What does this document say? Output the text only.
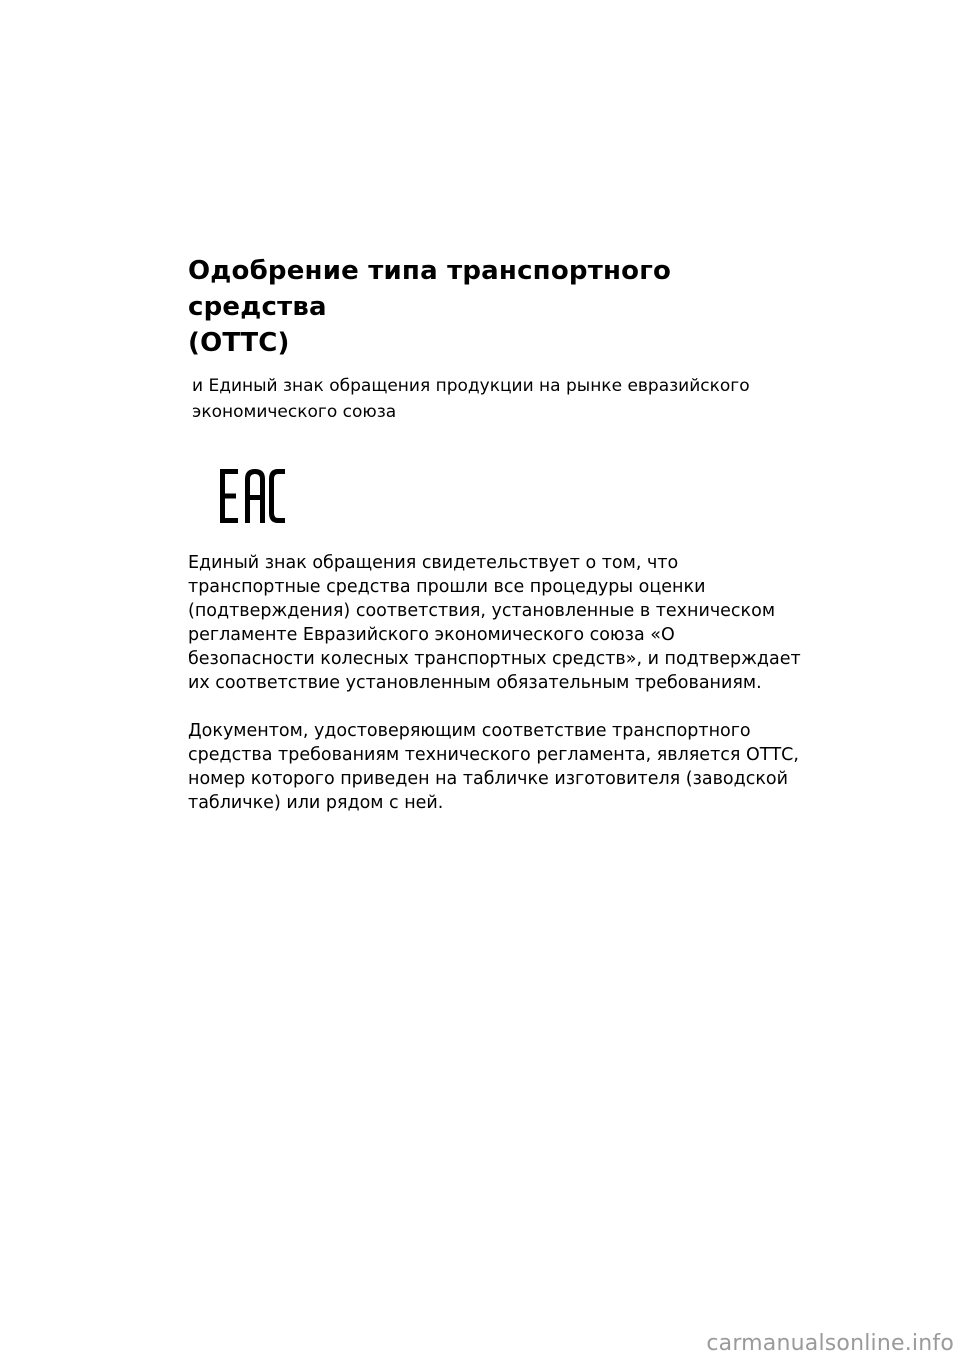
Одобрение типа транспортного средства
(ОТТС)
и Единый знак обращения продукции на рынке евразийского
экономического союза

Единый знак обращения свидетельствует о том, что
транспортные средства прошли все процедуры оценки
(подтверждения) соответствия, установленные в техническом
регламенте Евразийского экономического союза «О
безопасности колесных транспортных средств», и подтверждает
их соответствие установленным обязательным требованиям.

Документом, удостоверяющим соответствие транспортного
средства требованиям технического регламента, является ОТТС,
номер которого приведен на табличке изготовителя (заводской
табличке) или рядом с ней.

carmanualsonline.info
